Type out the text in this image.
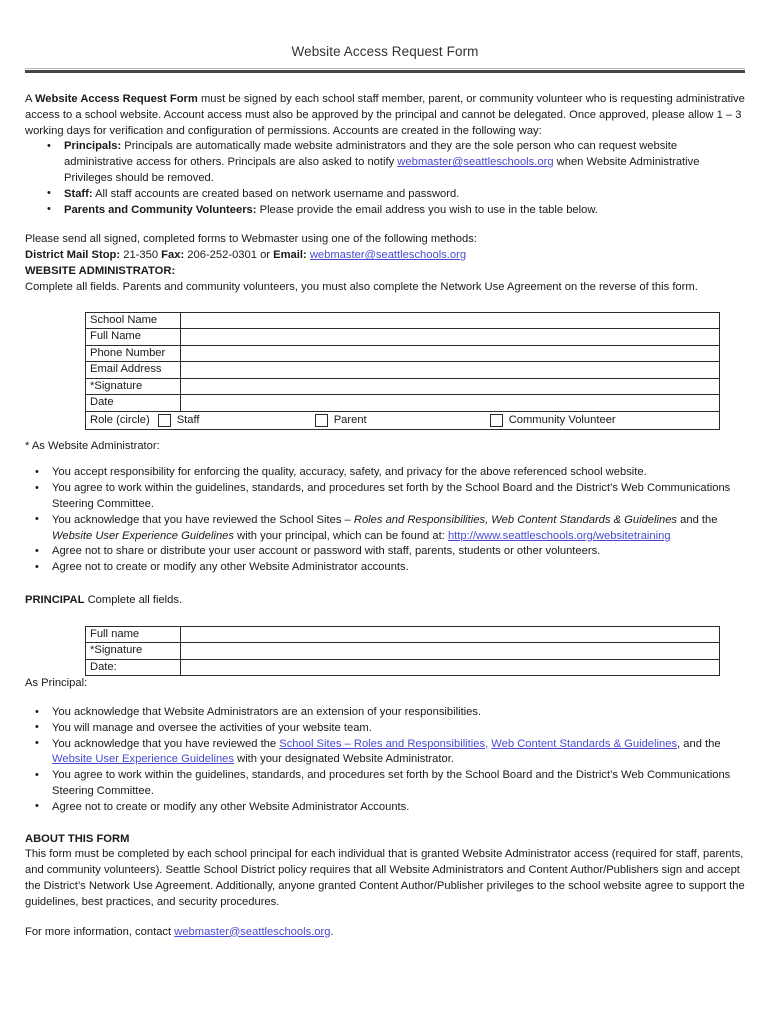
Website Access Request Form

A Website Access Request Form must be signed by each school staff member, parent, or community volunteer who is requesting administrative access to a school website. Account access must also be approved by the principal and cannot be delegated. Once approved, please allow 1 – 3 working days for verification and configuration of permissions. Accounts are created in the following way:

• Principals: Principals are automatically made website administrators and they are the sole person who can request website administrative access for others. Principals are also asked to notify webmaster@seattleschools.org when Website Administrative Privileges should be removed.
• Staff: All staff accounts are created based on network username and password.
• Parents and Community Volunteers: Please provide the email address you wish to use in the table below.

Please send all signed, completed forms to Webmaster using one of the following methods:

District Mail Stop: 21-350 Fax: 206-252-0301 or Email: webmaster@seattleschools.org

WEBSITE ADMINISTRATOR:

Complete all fields. Parents and community volunteers, you must also complete the Network Use Agreement on the reverse of this form.

School Name	
Full Name	
Phone Number	
Email Address	
*Signature	
Date	

Role (circle) Staff Parent Community Volunteer	

* As Website Administrator:

• You accept responsibility for enforcing the quality, accuracy, safety, and privacy for the above referenced school website.
• You agree to work within the guidelines, standards, and procedures set forth by the School Board and the District’s Web Communications Steering Committee.
• You acknowledge that you have reviewed the School Sites – Roles and Responsibilities, Web Content Standards & Guidelines and the Website User Experience Guidelines with your principal, which can be found at: http://www.seattleschools.org/websitetraining
• Agree not to share or distribute your user account or password with staff, parents, students or other volunteers.
• Agree not to create or modify any other Website Administrator accounts.

PRINCIPAL Complete all fields.

Full name	
*Signature	
Date:	

As Principal:

• You acknowledge that Website Administrators are an extension of your responsibilities.
• You will manage and oversee the activities of your website team.
• You acknowledge that you have reviewed the School Sites – Roles and Responsibilities, Web Content Standards & Guidelines, and the Website User Experience Guidelines with your designated Website Administrator.
• You agree to work within the guidelines, standards, and procedures set forth by the School Board and the District’s Web Communications Steering Committee.
• Agree not to create or modify any other Website Administrator Accounts.

ABOUT THIS FORM

This form must be completed by each school principal for each individual that is granted Website Administrator access (required for staff, parents, and community volunteers). Seattle School District policy requires that all Website Administrators and Content Author/Publishers sign and accept the District’s Network Use Agreement. Additionally, anyone granted Content Author/Publisher privileges to the school website agree to support the guidelines, best practices, and security procedures.

For more information, contact webmaster@seattleschools.org.
